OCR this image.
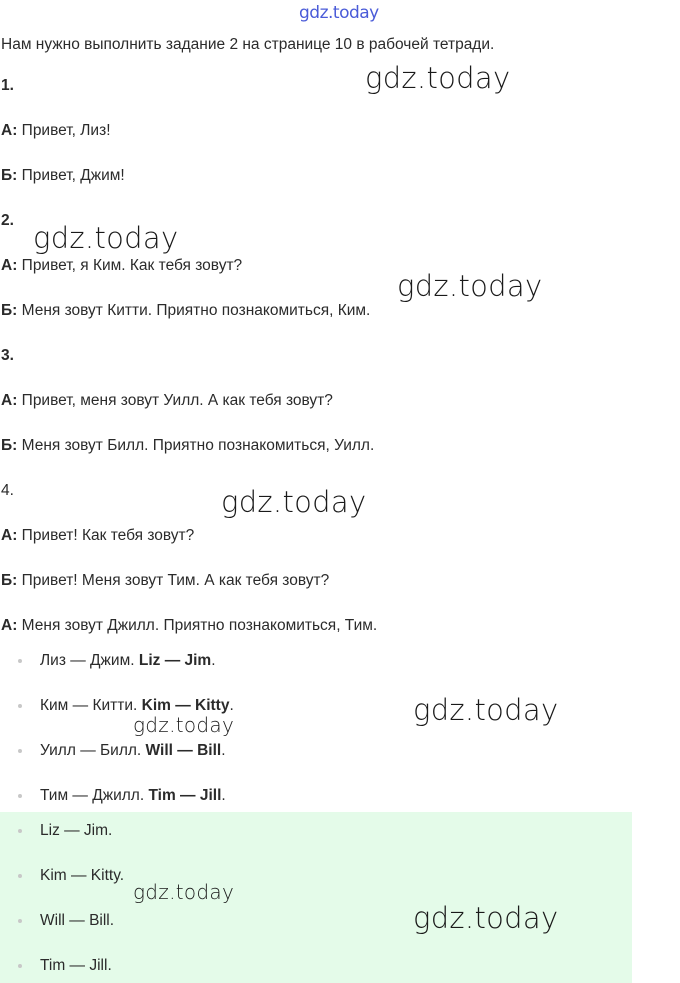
gdz.today
Нам нужно выполнить задание 2 на странице 10 в рабочей тетради.
1.
А: Привет, Лиз!
Б: Привет, Джим!
2.
А: Привет, я Ким. Как тебя зовут?
Б: Меня зовут Китти. Приятно познакомиться, Ким.
3.
А: Привет, меня зовут Уилл. А как тебя зовут?
Б: Меня зовут Билл. Приятно познакомиться, Уилл.
4.
А: Привет! Как тебя зовут?
Б: Привет! Меня зовут Тим. А как тебя зовут?
А: Меня зовут Джилл. Приятно познакомиться, Тим.
Лиз — Джим. Liz — Jim.
Ким — Китти. Kim — Kitty.
Уилл — Билл. Will — Bill.
Тим — Джилл. Tim — Jill.
Liz — Jim.
Kim — Kitty.
Will — Bill.
Tim — Jill.
gdz.today
gdz.today
gdz.today
gdz.today
gdz.today
gdz.today
gdz.today
gdz.today
